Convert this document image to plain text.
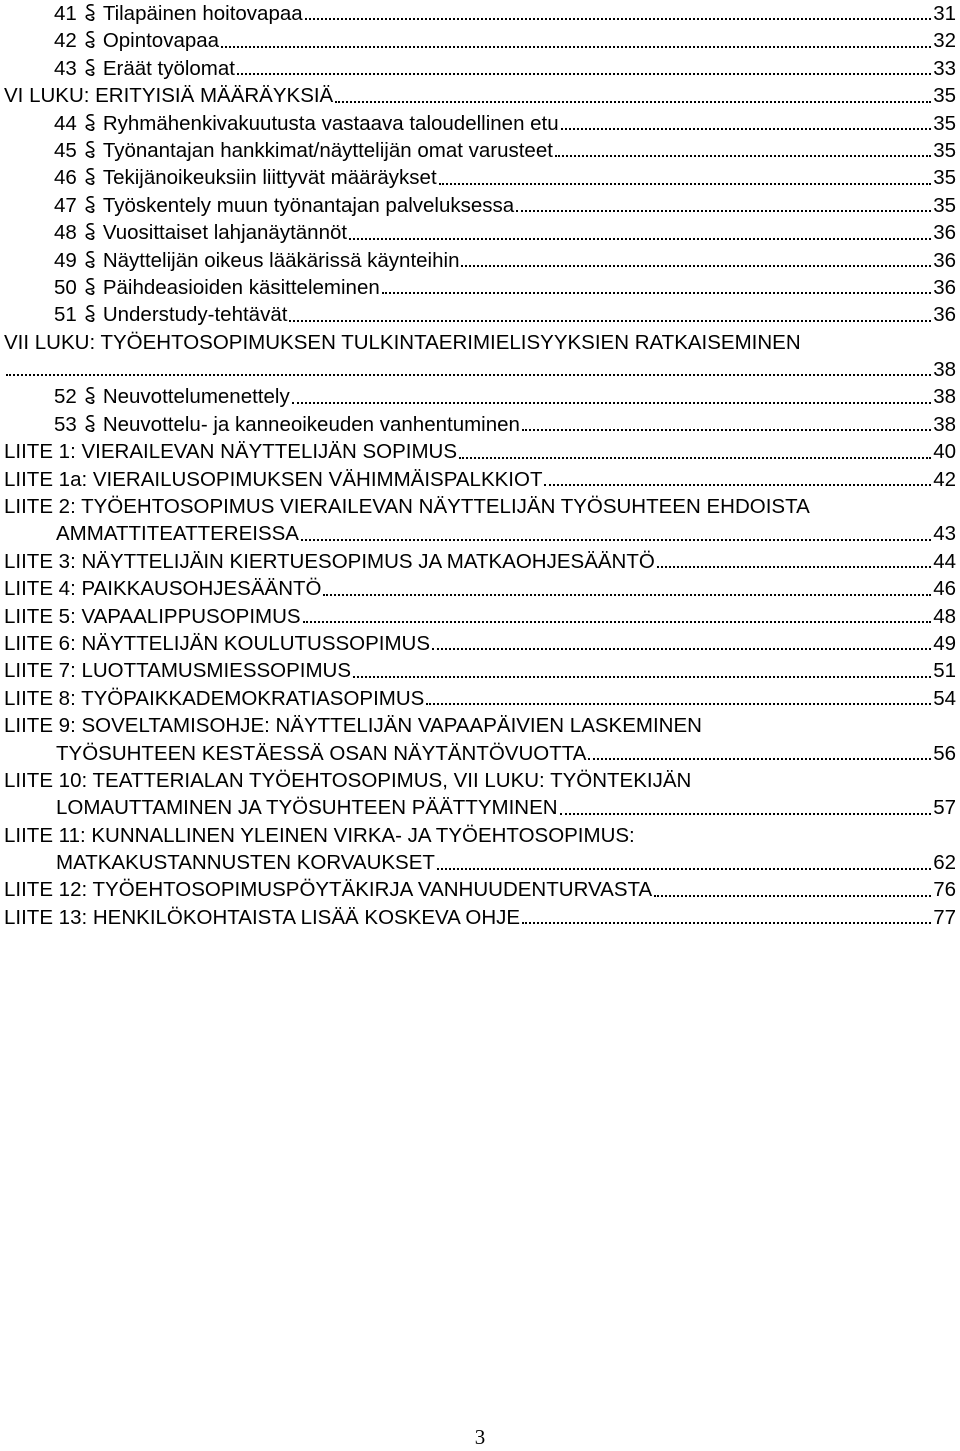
41 Tilapäinen hoitovapaa	31
42 Opintovapaa	32
43 Eräät työlomat	33
VI LUKU: ERITYISIÄ MÄÄRÄYKSIÄ	35
44 Ryhmähenkivakuutusta vastaava taloudellinen etu	35
45 Työnantajan hankkimat/näyttelijän omat varusteet	35
46 Tekijänoikeuksiin liittyvät määräykset	35
47 Työskentely muun työnantajan palveluksessa	35
48 Vuosittaiset lahjanäytännöt	36
49 Näyttelijän oikeus lääkärissä käynteihin	36
50 Päihdeasioiden käsitteleminen	36
51 Understudy-tehtävät	36
VII LUKU: TYÖEHTOSOPIMUKSEN TULKINTAERIMIELISYYKSIEN RATKAISEMINEN
38
52 Neuvottelumenettely	38
53 Neuvottelu- ja kanneoikeuden vanhentuminen	38
LIITE 1: VIERAILEVAN NÄYTTELIJÄN SOPIMUS	40
LIITE 1a: VIERAILUSOPIMUKSEN VÄHIMMÄISPALKKIOT	42
LIITE 2: TYÖEHTOSOPIMUS VIERAILEVAN NÄYTTELIJÄN TYÖSUHTEEN EHDOISTA
AMMATTITEATTEREISSA	43
LIITE 3: NÄYTTELIJÄIN KIERTUESOPIMUS JA MATKAOHJESÄÄNTÖ	44
LIITE 4: PAIKKAUSOHJESÄÄNTÖ	46
LIITE 5: VAPAALIPPUSOPIMUS	48
LIITE 6: NÄYTTELIJÄN KOULUTUSSOPIMUS	49
LIITE 7: LUOTTAMUSMIESSOPIMUS	51
LIITE 8: TYÖPAIKKADEMOKRATIASOPIMUS	54
LIITE 9: SOVELTAMISOHJE: NÄYTTELIJÄN VAPAAPÄIVIEN LASKEMINEN
TYÖSUHTEEN KESTÄESSÄ OSAN NÄYTÄNTÖVUOTTA	56
LIITE 10: TEATTERIALAN TYÖEHTOSOPIMUS, VII LUKU: TYÖNTEKIJÄN
LOMAUTTAMINEN JA TYÖSUHTEEN PÄÄTTYMINEN	57
LIITE 11: KUNNALLINEN YLEINEN VIRKA- JA TYÖEHTOSOPIMUS:
MATKAKUSTANNUSTEN KORVAUKSET	62
LIITE 12: TYÖEHTOSOPIMUSPÖYTÄKIRJA VANHUUDENTURVASTA	76
LIITE 13: HENKILÖKOHTAISTA LISÄÄ KOSKEVA OHJE	77
3
